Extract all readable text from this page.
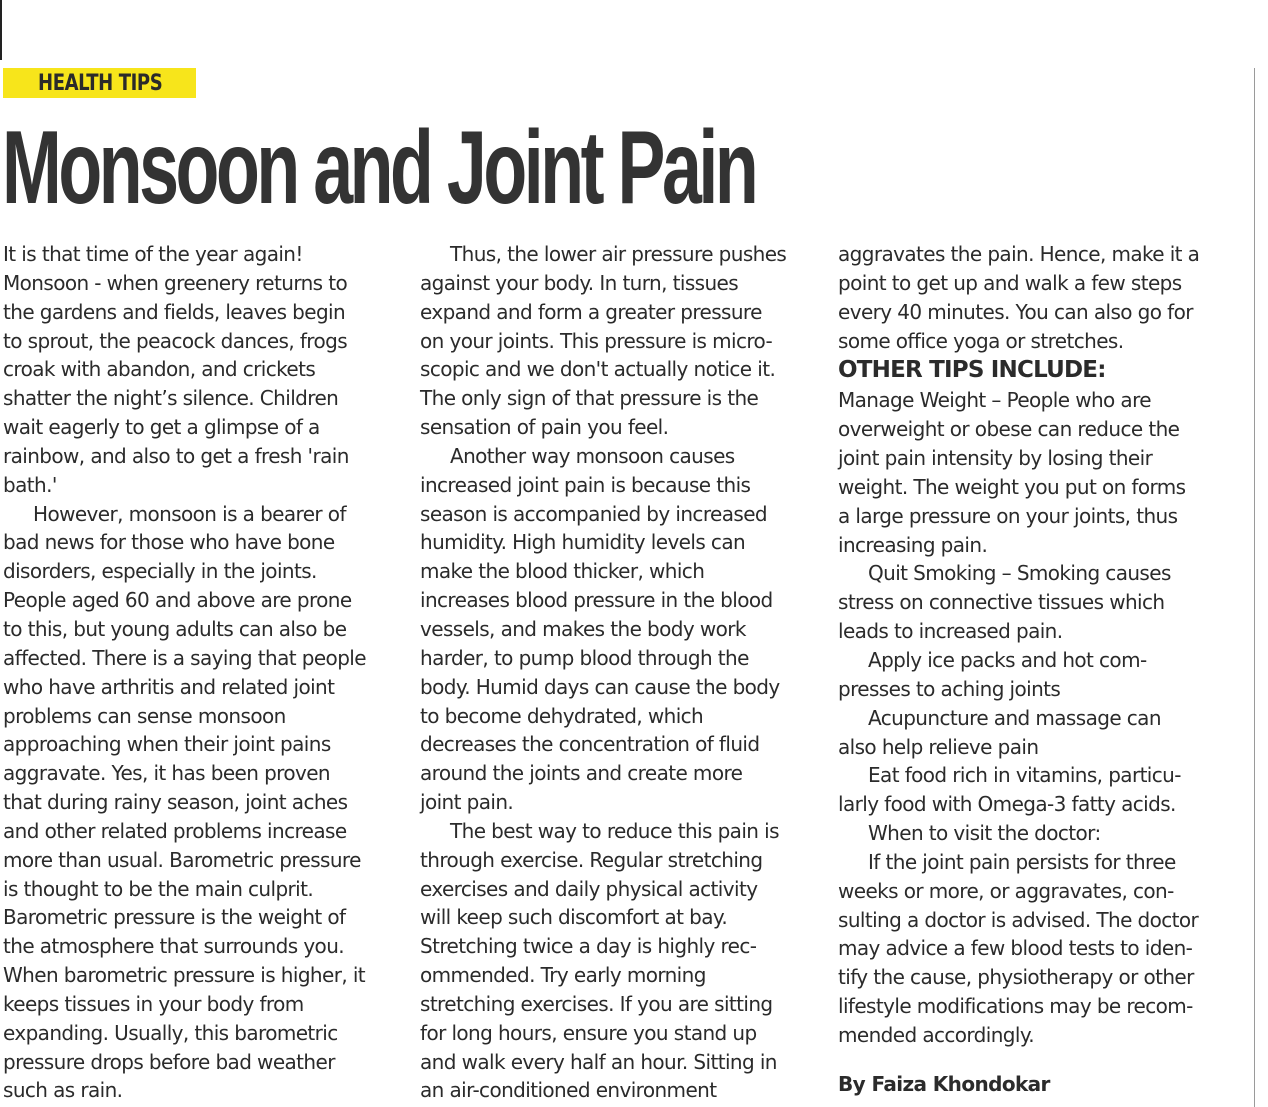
HEALTH TIPS
Monsoon and Joint Pain
It is that time of the year again!
Monsoon - when greenery returns to
the gardens and fields, leaves begin
to sprout, the peacock dances, frogs
croak with abandon, and crickets
shatter the night’s silence. Children
wait eagerly to get a glimpse of a
rainbow, and also to get a fresh 'rain
bath.'
However, monsoon is a bearer of
bad news for those who have bone
disorders, especially in the joints.
People aged 60 and above are prone
to this, but young adults can also be
affected. There is a saying that people
who have arthritis and related joint
problems can sense monsoon
approaching when their joint pains
aggravate. Yes, it has been proven
that during rainy season, joint aches
and other related problems increase
more than usual. Barometric pressure
is thought to be the main culprit.
Barometric pressure is the weight of
the atmosphere that surrounds you.
When barometric pressure is higher, it
keeps tissues in your body from
expanding. Usually, this barometric
pressure drops before bad weather
such as rain.
Thus, the lower air pressure pushes
against your body. In turn, tissues
expand and form a greater pressure
on your joints. This pressure is micro-
scopic and we don't actually notice it.
The only sign of that pressure is the
sensation of pain you feel.
Another way monsoon causes
increased joint pain is because this
season is accompanied by increased
humidity. High humidity levels can
make the blood thicker, which
increases blood pressure in the blood
vessels, and makes the body work
harder, to pump blood through the
body. Humid days can cause the body
to become dehydrated, which
decreases the concentration of fluid
around the joints and create more
joint pain.
The best way to reduce this pain is
through exercise. Regular stretching
exercises and daily physical activity
will keep such discomfort at bay.
Stretching twice a day is highly rec-
ommended. Try early morning
stretching exercises. If you are sitting
for long hours, ensure you stand up
and walk every half an hour. Sitting in
an air-conditioned environment
aggravates the pain. Hence, make it a
point to get up and walk a few steps
every 40 minutes. You can also go for
some office yoga or stretches.
OTHER TIPS INCLUDE:
Manage Weight – People who are
overweight or obese can reduce the
joint pain intensity by losing their
weight. The weight you put on forms
a large pressure on your joints, thus
increasing pain.
Quit Smoking – Smoking causes
stress on connective tissues which
leads to increased pain.
Apply ice packs and hot com-
presses to aching joints
Acupuncture and massage can
also help relieve pain
Eat food rich in vitamins, particu-
larly food with Omega-3 fatty acids.
When to visit the doctor:
If the joint pain persists for three
weeks or more, or aggravates, con-
sulting a doctor is advised. The doctor
may advice a few blood tests to iden-
tify the cause, physiotherapy or other
lifestyle modifications may be recom-
mended accordingly.
By Faiza Khondokar
